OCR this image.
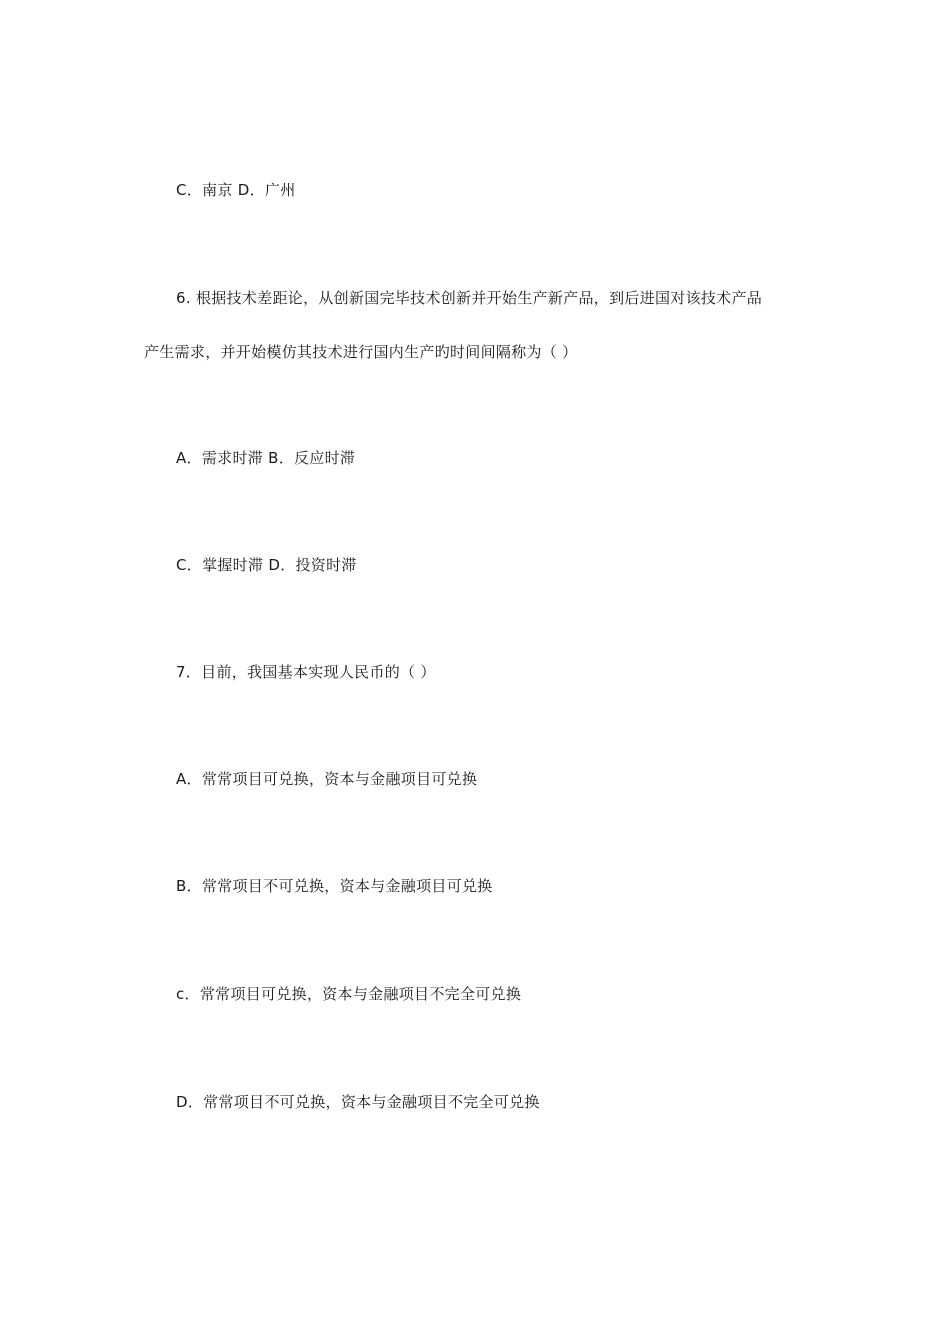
C．南京 D．广州
6. 根据技术差距论，从创新国完毕技术创新并开始生产新产品，到后进国对该技术产品
产生需求，并开始模仿其技术进行国内生产旳时间间隔称为（ ）
A．需求时滞 B．反应时滞
C．掌握时滞 D．投资时滞
7．目前，我国基本实现人民币的（ ）
A．常常项目可兑换，资本与金融项目可兑换
B．常常项目不可兑换，资本与金融项目可兑换
c．常常项目可兑换，资本与金融项目不完全可兑换
D．常常项目不可兑换，资本与金融项目不完全可兑换
